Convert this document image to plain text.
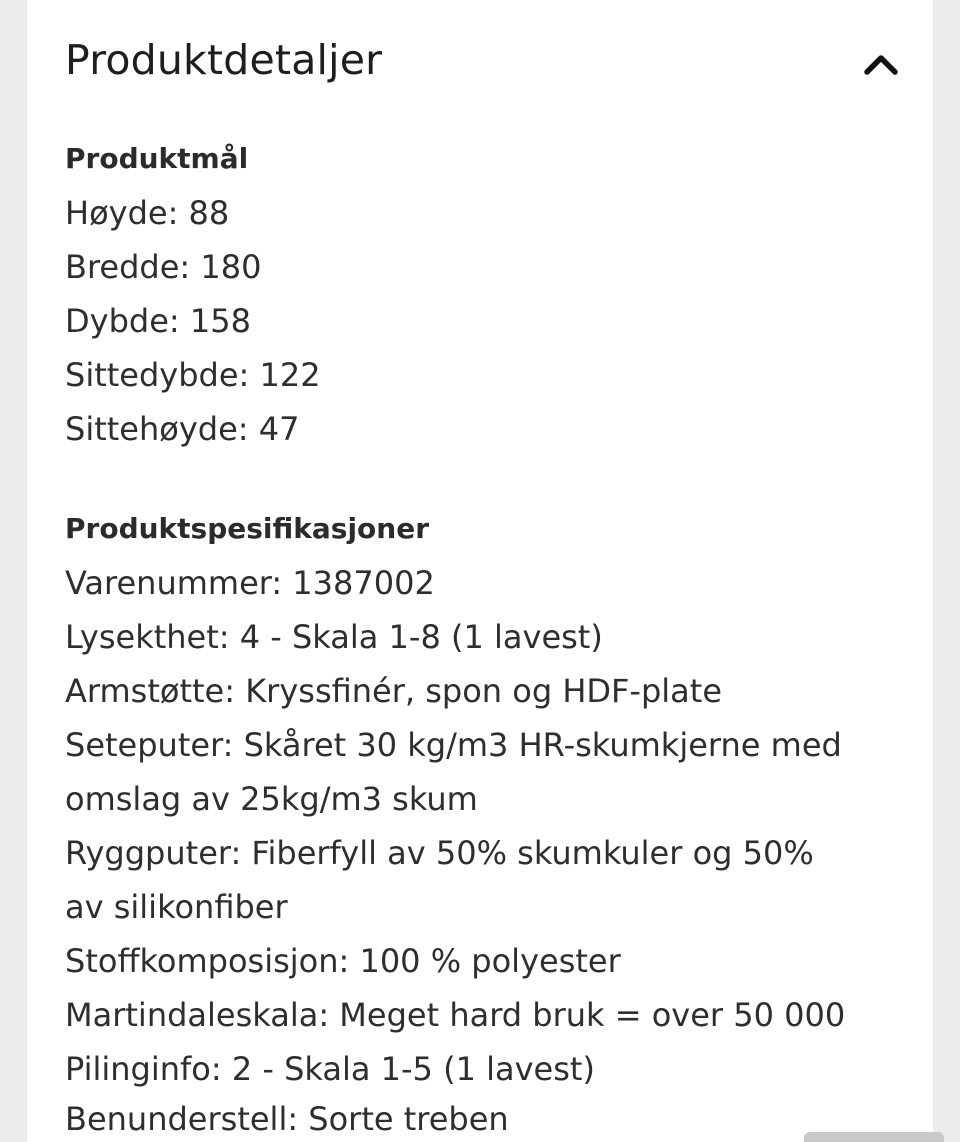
Produktdetaljer
Produktmål
Høyde: 88
Bredde: 180
Dybde: 158
Sittedybde: 122
Sittehøyde: 47
Produktspesifikasjoner
Varenummer: 1387002
Lysekthet: 4 - Skala 1-8 (1 lavest)
Armstøtte: Kryssfinér, spon og HDF-plate
Seteputer: Skåret 30 kg/m3 HR-skumkjerne med
omslag av 25kg/m3 skum
Ryggputer: Fiberfyll av 50% skumkuler og 50%
av silikonfiber
Stoffkomposisjon: 100 % polyester
Martindaleskala: Meget hard bruk = over 50 000
Pilinginfo: 2 - Skala 1-5 (1 lavest)
Benunderstell: Sorte treben
